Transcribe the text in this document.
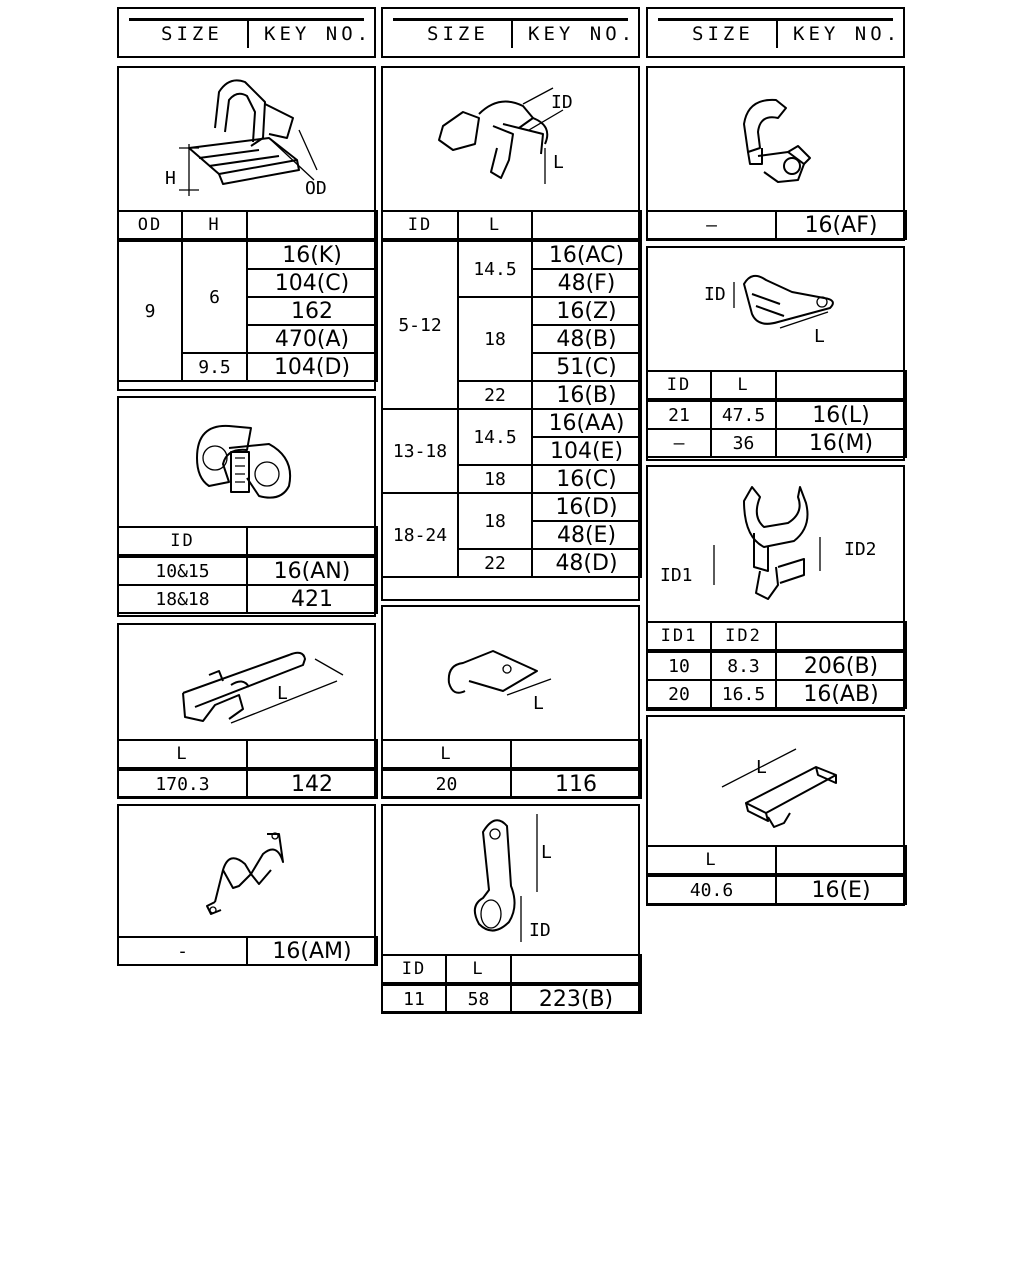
SIZE KEY NO.	SIZE KEY NO.	SIZE KEY NO.
H	OD
OD	H	
9	6	16(K)
		104(C)
		162
		470(A)
	9.5	104(D)
ID
L
ID	L	
5-12	14.5	16(AC)
		48(F)
	18	16(Z)
		48(B)
		51(C)
	22	16(B)
13-18	14.5	16(AA)
		104(E)
	18	16(C)
18-24	18	16(D)
		48(E)
	22	48(D)
—	16(AF)
ID	
10&15	16(AN)
18&18	421
ID
L
ID	L	
21	47.5	16(L)
—	36	16(M)
L
L	
170.3	142
L
L	
20	116
ID1
ID2
ID1	ID2	
10	8.3	206(B)
20	16.5	16(AB)
-	16(AM)
L
ID
ID	L	
11	58	223(B)
L
L	
40.6	16(E)
